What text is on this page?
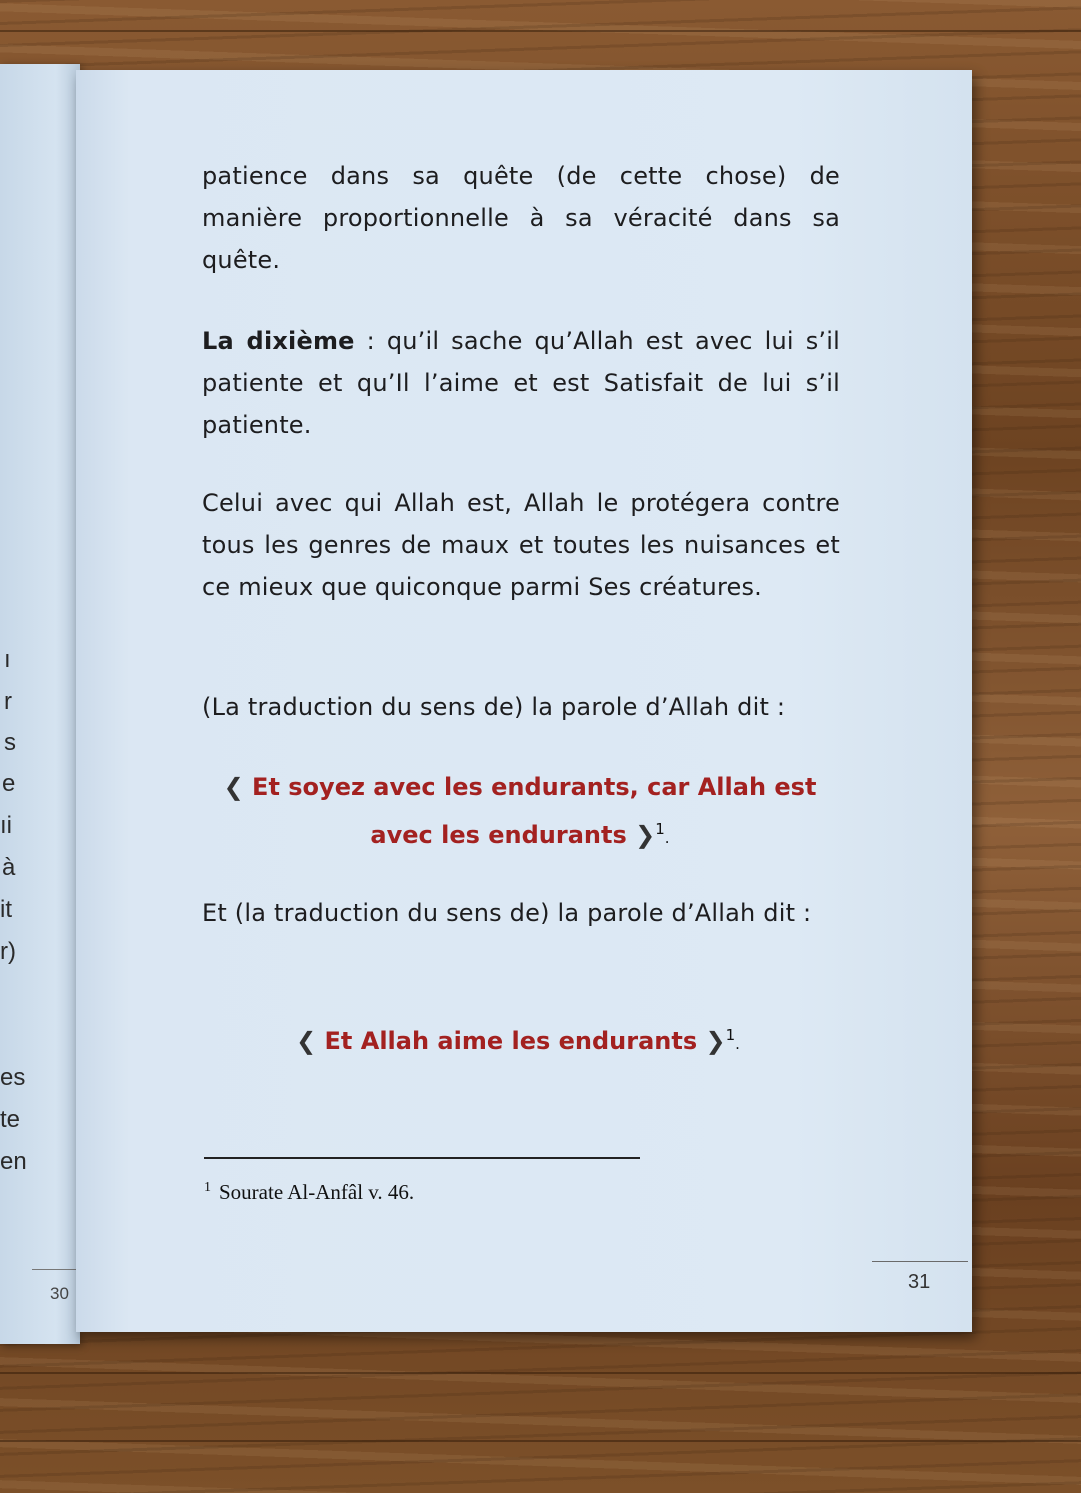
ı
r
s
e
ıi
à
it
r)
es
te
en
30

patience dans sa quête (de cette chose) de manière proportionnelle à sa véracité dans sa quête.

La dixième : qu’il sache qu’Allah est avec lui s’il patiente et qu’Il l’aime et est Satisfait de lui s’il patiente.

Celui avec qui Allah est, Allah le protégera contre tous les genres de maux et toutes les nuisances et ce mieux que quiconque parmi Ses créatures.

(La traduction du sens de) la parole d’Allah dit :

❮ Et soyez avec les endurants, car Allah est
avec les endurants ❯$^1$.

Et (la traduction du sens de) la parole d’Allah dit :

❮ Et Allah aime les endurants ❯$^1$.
$^1$ Sourate Al-Anfâl v. 46.
31
